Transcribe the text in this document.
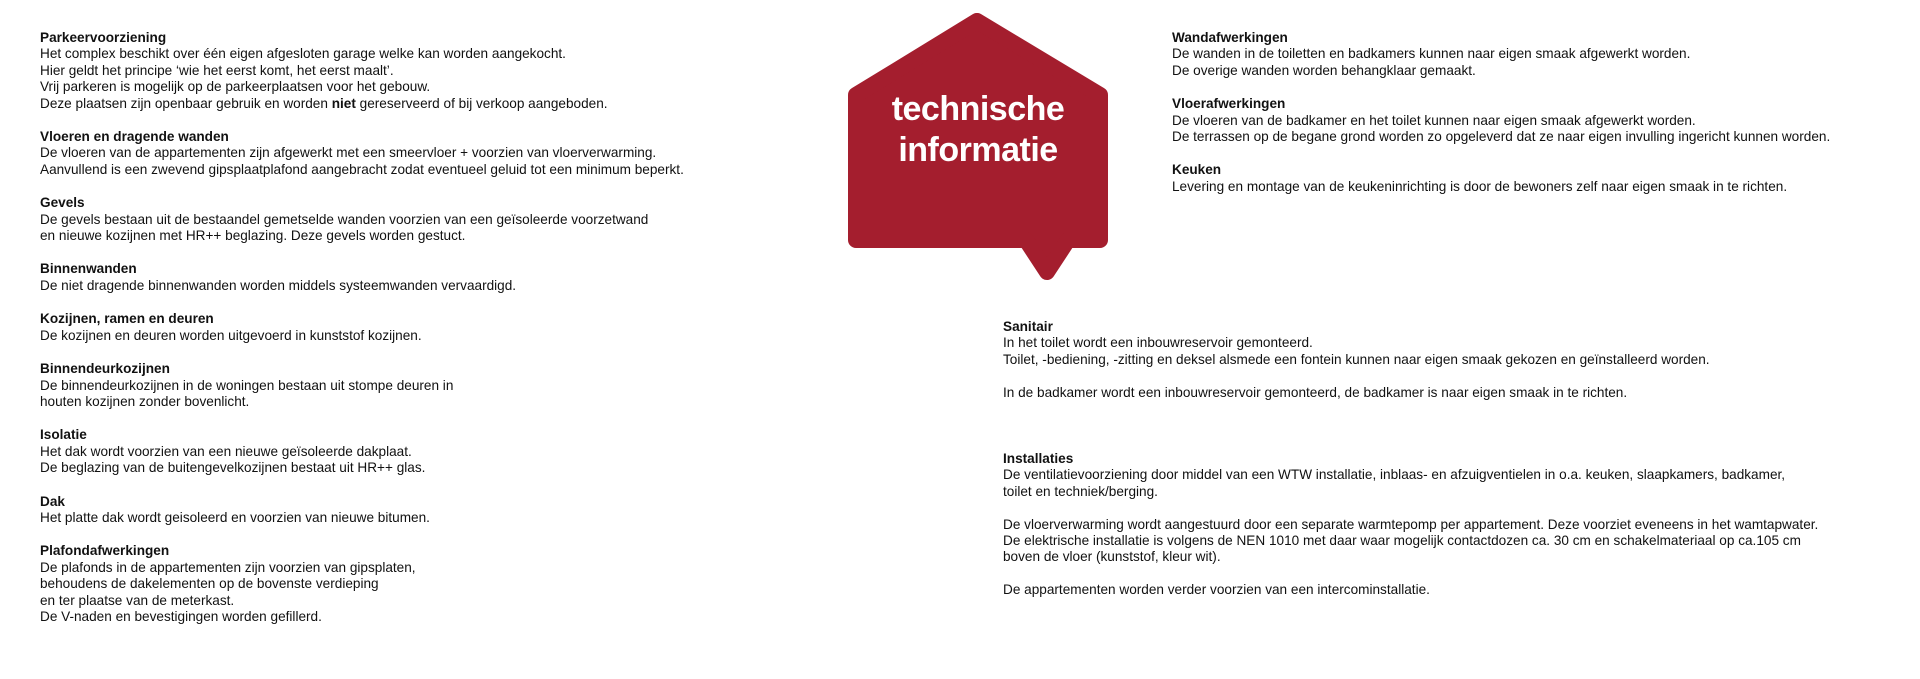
Parkeervoorziening
Het complex beschikt over één eigen afgesloten garage welke kan worden aangekocht.
Hier geldt het principe ‘wie het eerst komt, het eerst maalt’.
Vrij parkeren is mogelijk op de parkeerplaatsen voor het gebouw.
Deze plaatsen zijn openbaar gebruik en worden niet gereserveerd of bij verkoop aangeboden.
Vloeren en dragende wanden
De vloeren van de appartementen zijn afgewerkt met een smeervloer + voorzien van vloerverwarming.
Aanvullend is een zwevend gipsplaatplafond aangebracht zodat eventueel geluid tot een minimum beperkt.
Gevels
De gevels bestaan uit de bestaandel gemetselde wanden voorzien van een geïsoleerde voorzetwand
en nieuwe kozijnen met HR++ beglazing. Deze gevels worden gestuct.
Binnenwanden
De niet dragende binnenwanden worden middels systeemwanden vervaardigd.
Kozijnen, ramen en deuren
De kozijnen en deuren worden uitgevoerd in kunststof kozijnen.
Binnendeurkozijnen
De binnendeurkozijnen in de woningen bestaan uit stompe deuren in
houten kozijnen zonder bovenlicht.
Isolatie
Het dak wordt voorzien van een nieuwe geïsoleerde dakplaat.
De beglazing van de buitengevelkozijnen bestaat uit HR++ glas.
Dak
Het platte dak wordt geisoleerd en voorzien van nieuwe bitumen.
Plafondafwerkingen
De plafonds in de appartementen zijn voorzien van gipsplaten,
behoudens de dakelementen op de bovenste verdieping
en ter plaatse van de meterkast.
De V-naden en bevestigingen worden gefillerd.
technische
informatie
Wandafwerkingen
De wanden in de toiletten en badkamers kunnen naar eigen smaak afgewerkt worden.
De overige wanden worden behangklaar gemaakt.
Vloerafwerkingen
De vloeren van de badkamer en het toilet kunnen naar eigen smaak afgewerkt worden.
De terrassen op de begane grond worden zo opgeleverd dat ze naar eigen invulling ingericht kunnen worden.
Keuken
Levering en montage van de keukeninrichting is door de bewoners zelf naar eigen smaak in te richten.
Sanitair
In het toilet wordt een inbouwreservoir gemonteerd.
Toilet, -bediening, -zitting en deksel alsmede een fontein kunnen naar eigen smaak gekozen en geïnstalleerd worden.
In de badkamer wordt een inbouwreservoir gemonteerd, de badkamer is naar eigen smaak in te richten.
Installaties
De ventilatievoorziening door middel van een WTW installatie, inblaas- en afzuigventielen in o.a. keuken, slaapkamers, badkamer,
toilet en techniek/berging.
De vloerverwarming wordt aangestuurd door een separate warmtepomp per appartement. Deze voorziet eveneens in het wamtapwater.
De elektrische installatie is volgens de NEN 1010 met daar waar mogelijk contactdozen ca. 30 cm en schakelmateriaal op ca.105 cm
boven de vloer (kunststof, kleur wit).
De appartementen worden verder voorzien van een intercominstallatie.
